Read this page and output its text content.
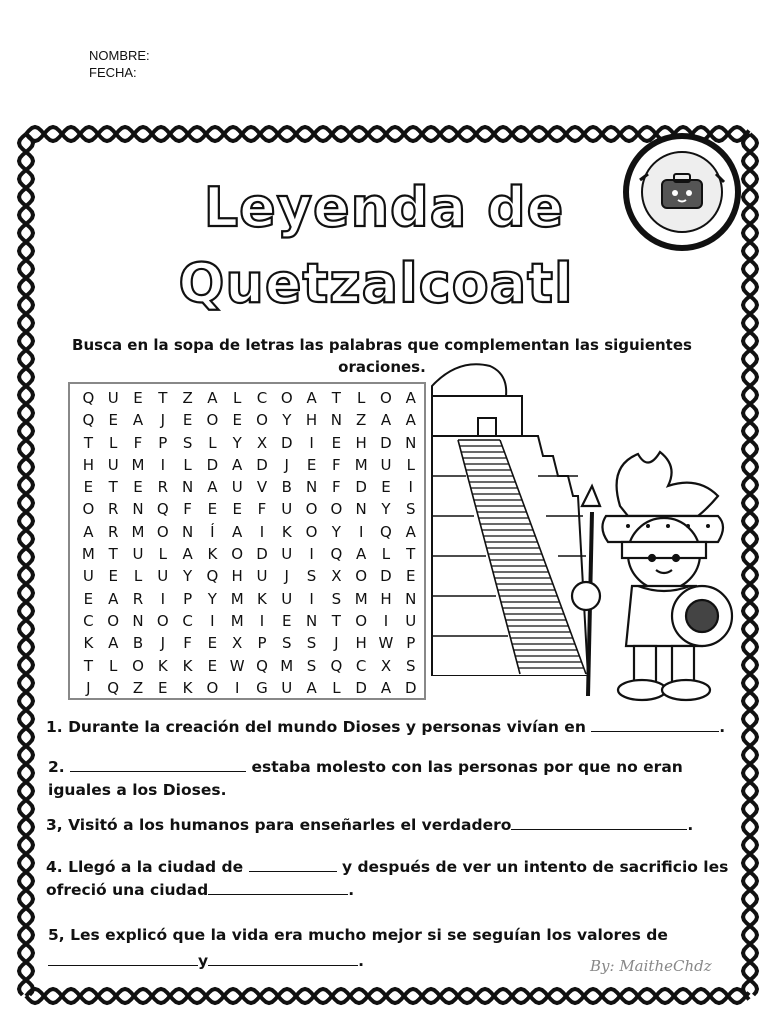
NOMBRE:
FECHA:
Leyenda de
Quetzalcoatl
Busca en la sopa de letras las palabras que complementan las siguientes oraciones.
Q U E	T	Z A	L	C O A	T	L O A
Q E A	J	E O E O Y H N Z A A
T	L	F	P	S	L	Y	X D	I	E H D N
H U M	I	L D A D	J	E	F M U	L
E	T	E R N A U V B N F D E	I
O R N Q F	E	E	F U O O N Y	S
A R M O N	Í	A	I	K O Y	I	Q A
M T U	L	A K O D U	I	Q A	L	T
U E	L	U Y Q H U	J	S X O D E
E A R	I	P	Y M K U	I	S M H N
C O N O C	I	M	I	E N T O	I	U
K A B	J	F	E X	P	S	S	J	H W P
T	L O K K	E W Q M S Q C X S
J	Q Z E	K O	I	G U A	L D A D
1. Durante la creación del mundo Dioses y personas vivían en	.
2.	estaba molesto con las personas por que no eran
iguales a los Dioses.
3, Visitó a los humanos para enseñarles el verdadero	.
4. Llegó a la ciudad de	y después de ver un intento de sacrificio les
ofreció una ciudad	.
5, Les explicó que la vida era mucho mejor si se seguían los valores de
y	.	By: MaitheChdz
